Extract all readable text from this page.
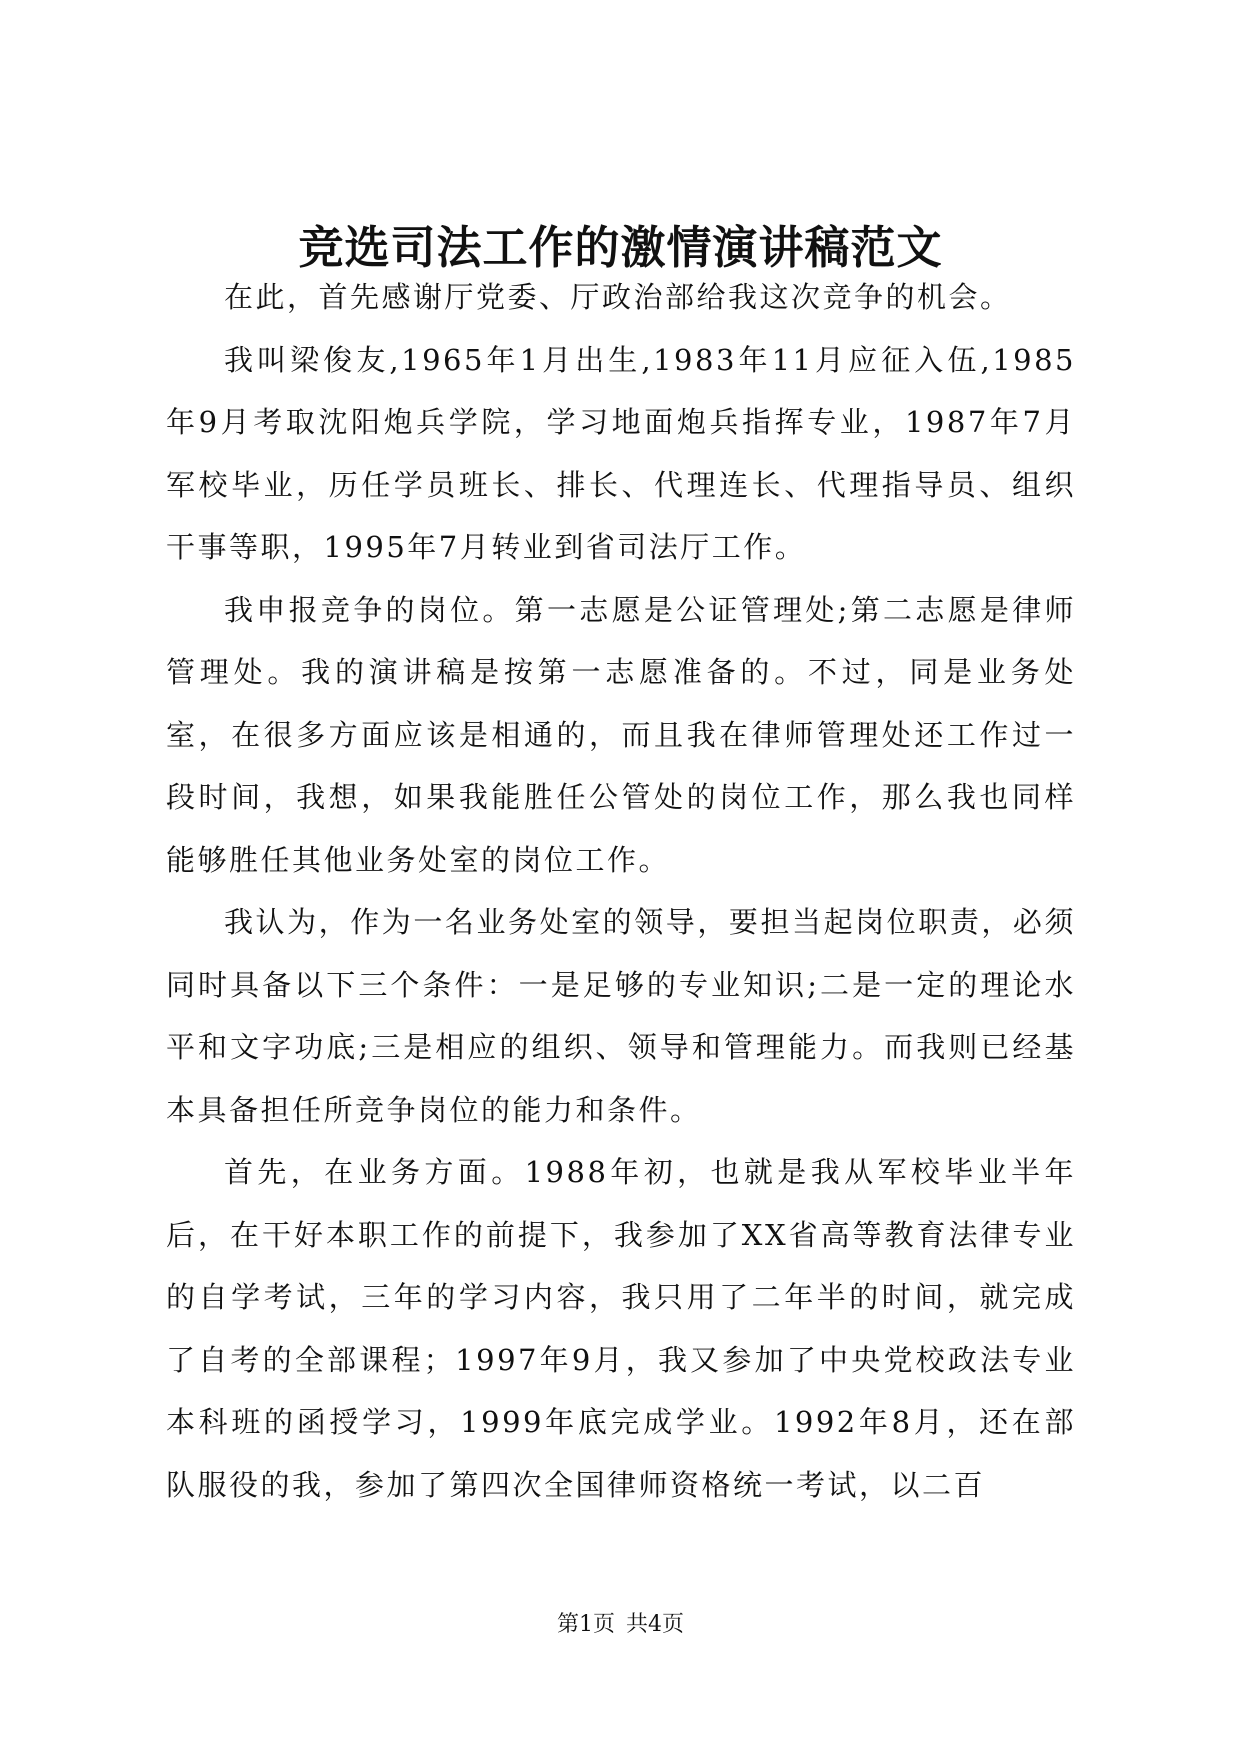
竞选司法工作的激情演讲稿范文

在此，首先感谢厅党委、厅政治部给我这次竞争的机会。

我叫梁俊友,1965年1月出生,1983年11月应征入伍,1985年9月考取沈阳炮兵学院，学习地面炮兵指挥专业，1987年7月军校毕业，历任学员班长、排长、代理连长、代理指导员、组织干事等职，1995年7月转业到省司法厅工作。

我申报竞争的岗位。第一志愿是公证管理处;第二志愿是律师管理处。我的演讲稿是按第一志愿准备的。不过，同是业务处室，在很多方面应该是相通的，而且我在律师管理处还工作过一段时间，我想，如果我能胜任公管处的岗位工作，那么我也同样能够胜任其他业务处室的岗位工作。

我认为，作为一名业务处室的领导，要担当起岗位职责，必须同时具备以下三个条件：一是足够的专业知识;二是一定的理论水平和文字功底;三是相应的组织、领导和管理能力。而我则已经基本具备担任所竞争岗位的能力和条件。

首先，在业务方面。1988年初，也就是我从军校毕业半年后，在干好本职工作的前提下，我参加了XX省高等教育法律专业的自学考试，三年的学习内容，我只用了二年半的时间，就完成了自考的全部课程；1997年9月，我又参加了中央党校政法专业本科班的函授学习，1999年底完成学业。1992年8月，还在部队服役的我，参加了第四次全国律师资格统一考试，以二百

第1页 共4页
